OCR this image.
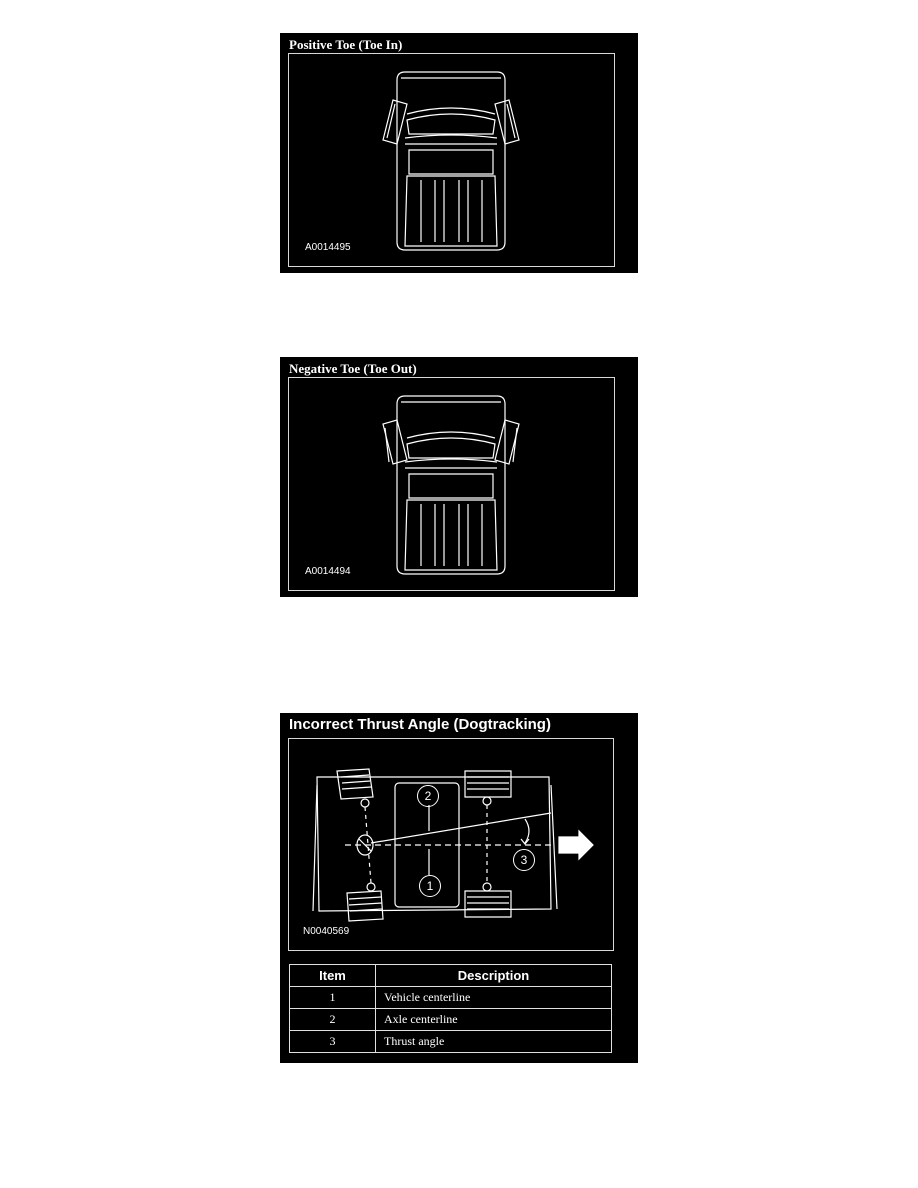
Positive Toe (Toe In)
A0014495
Negative Toe (Toe Out)
A0014494
Incorrect Thrust Angle (Dogtracking)
2
1
3
N0040569
Item	Description
1	Vehicle centerline
2	Axle centerline
3	Thrust angle
